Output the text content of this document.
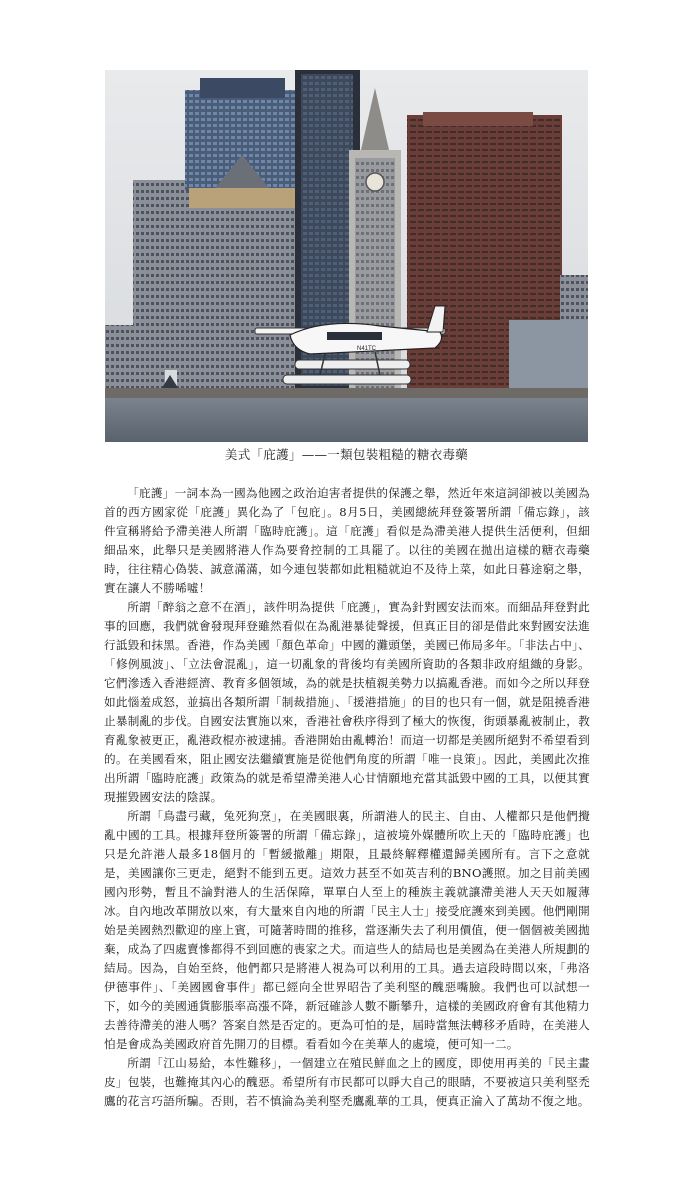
N41TC
美式「庇護」——一類包裝粗糙的糖衣毒藥

「庇護」一詞本為一國為他國之政治迫害者提供的保護之舉，然近年來這詞卻被以美國為首的西方國家從「庇護」異化為了「包庇」。8月5日，美國總統拜登簽署所謂「備忘錄」，該件宣稱將給予滯美港人所謂「臨時庇護」。這「庇護」看似是為滯美港人提供生活便利，但細細品來，此舉只是美國將港人作為要脅控制的工具罷了。以往的美國在拋出這樣的糖衣毒藥時，往往精心偽裝、誠意滿滿，如今連包裝都如此粗糙就迫不及待上菜，如此日暮途窮之舉，實在讓人不勝唏噓！

所謂「醉翁之意不在酒」，該件明為提供「庇護」，實為針對國安法而來。而細品拜登對此事的回應，我們就會發現拜登雖然看似在為亂港暴徒聲援，但真正目的卻是借此來對國安法進行詆毀和抹黑。香港，作為美國「顏色革命」中國的灘頭堡，美國已佈局多年。「非法占中」、「修例風波」、「立法會混亂」，這一切亂象的背後均有美國所資助的各類非政府組織的身影。它們滲透入香港經濟、教育多個領域，為的就是扶植親美勢力以搞亂香港。而如今之所以拜登如此惱羞成怒，並搞出各類所謂「制裁措施」、「援港措施」的目的也只有一個，就是阻撓香港止暴制亂的步伐。自國安法實施以來，香港社會秩序得到了極大的恢復，街頭暴亂被制止，教育亂象被更正，亂港政棍亦被逮捕。香港開始由亂轉治！而這一切都是美國所絕對不希望看到的。在美國看來，阻止國安法繼續實施是從他們角度的所謂「唯一良策」。因此，美國此次推出所謂「臨時庇護」政策為的就是希望滯美港人心甘情願地充當其詆毀中國的工具，以便其實現摧毀國安法的陰謀。

所謂「鳥盡弓藏，兔死狗烹」，在美國眼裏，所謂港人的民主、自由、人權都只是他們攪亂中國的工具。根據拜登所簽署的所謂「備忘錄」，這被境外媒體所吹上天的「臨時庇護」也只是允許港人最多18個月的「暫緩撤離」期限，且最終解釋權還歸美國所有。言下之意就是，美國讓你三更走，絕對不能到五更。這效力甚至不如英吉利的BNO護照。加之目前美國國內形勢，暫且不論對港人的生活保障，單單白人至上的種族主義就讓滯美港人天天如履薄冰。自內地改革開放以來，有大量來自內地的所謂「民主人士」接受庇護來到美國。他們剛開始是美國熱烈歡迎的座上賓，可隨著時間的推移，當逐漸失去了利用價值，便一個個被美國拋棄，成為了四處賣慘都得不到回應的喪家之犬。而這些人的結局也是美國為在美港人所規劃的結局。因為，自始至終，他們都只是將港人視為可以利用的工具。過去這段時間以來，「弗洛伊德事件」、「美國國會事件」都已經向全世界昭告了美利堅的醜惡嘴臉。我們也可以試想一下，如今的美國通貨膨脹率高漲不降，新冠確診人數不斷攀升，這樣的美國政府會有其他精力去善待滯美的港人嗎？答案自然是否定的。更為可怕的是，屆時當無法轉移矛盾時，在美港人怕是會成為美國政府首先開刀的目標。看看如今在美華人的處境，便可知一二。

所謂「江山易給，本性難移」，一個建立在殖民鮮血之上的國度，即使用再美的「民主畫皮」包裝，也難掩其內心的醜惡。希望所有市民都可以睜大自己的眼睛，不要被這只美利堅禿鷹的花言巧語所騙。否則，若不慎淪為美利堅禿鷹亂華的工具，便真正淪入了萬劫不復之地。
